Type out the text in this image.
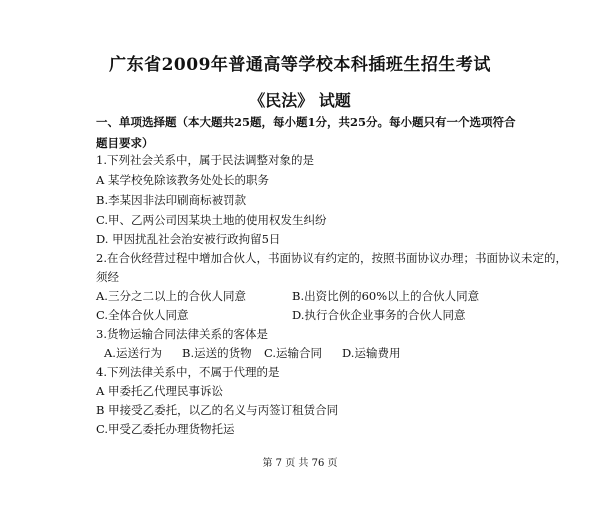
广东省2009年普通高等学校本科插班生招生考试
《民法》 试题
一、单项选择题（本大题共25题，每小题1分，共25分。每小题只有一个选项符合题目要求）
1.下列社会关系中，属于民法调整对象的是
A 某学校免除该教务处处长的职务
B.李某因非法印刷商标被罚款
C.甲、乙两公司因某块土地的使用权发生纠纷
D. 甲因扰乱社会治安被行政拘留5日
2.在合伙经营过程中增加合伙人，书面协议有约定的，按照书面协议办理；书面协议未定的，
须经
A.三分之二以上的合伙人同意	B.出资比例的60%以上的合伙人同意
C.全体合伙人同意	D.执行合伙企业事务的合伙人同意
3.货物运输合同法律关系的客体是
A.运送行为 B.运送的货物 C.运输合同 D.运输费用
4.下列法律关系中，不属于代理的是
A 甲委托乙代理民事诉讼
B 甲接受乙委托，以乙的名义与丙签订租赁合同
C.甲受乙委托办理货物托运
第 7 页 共 76 页
